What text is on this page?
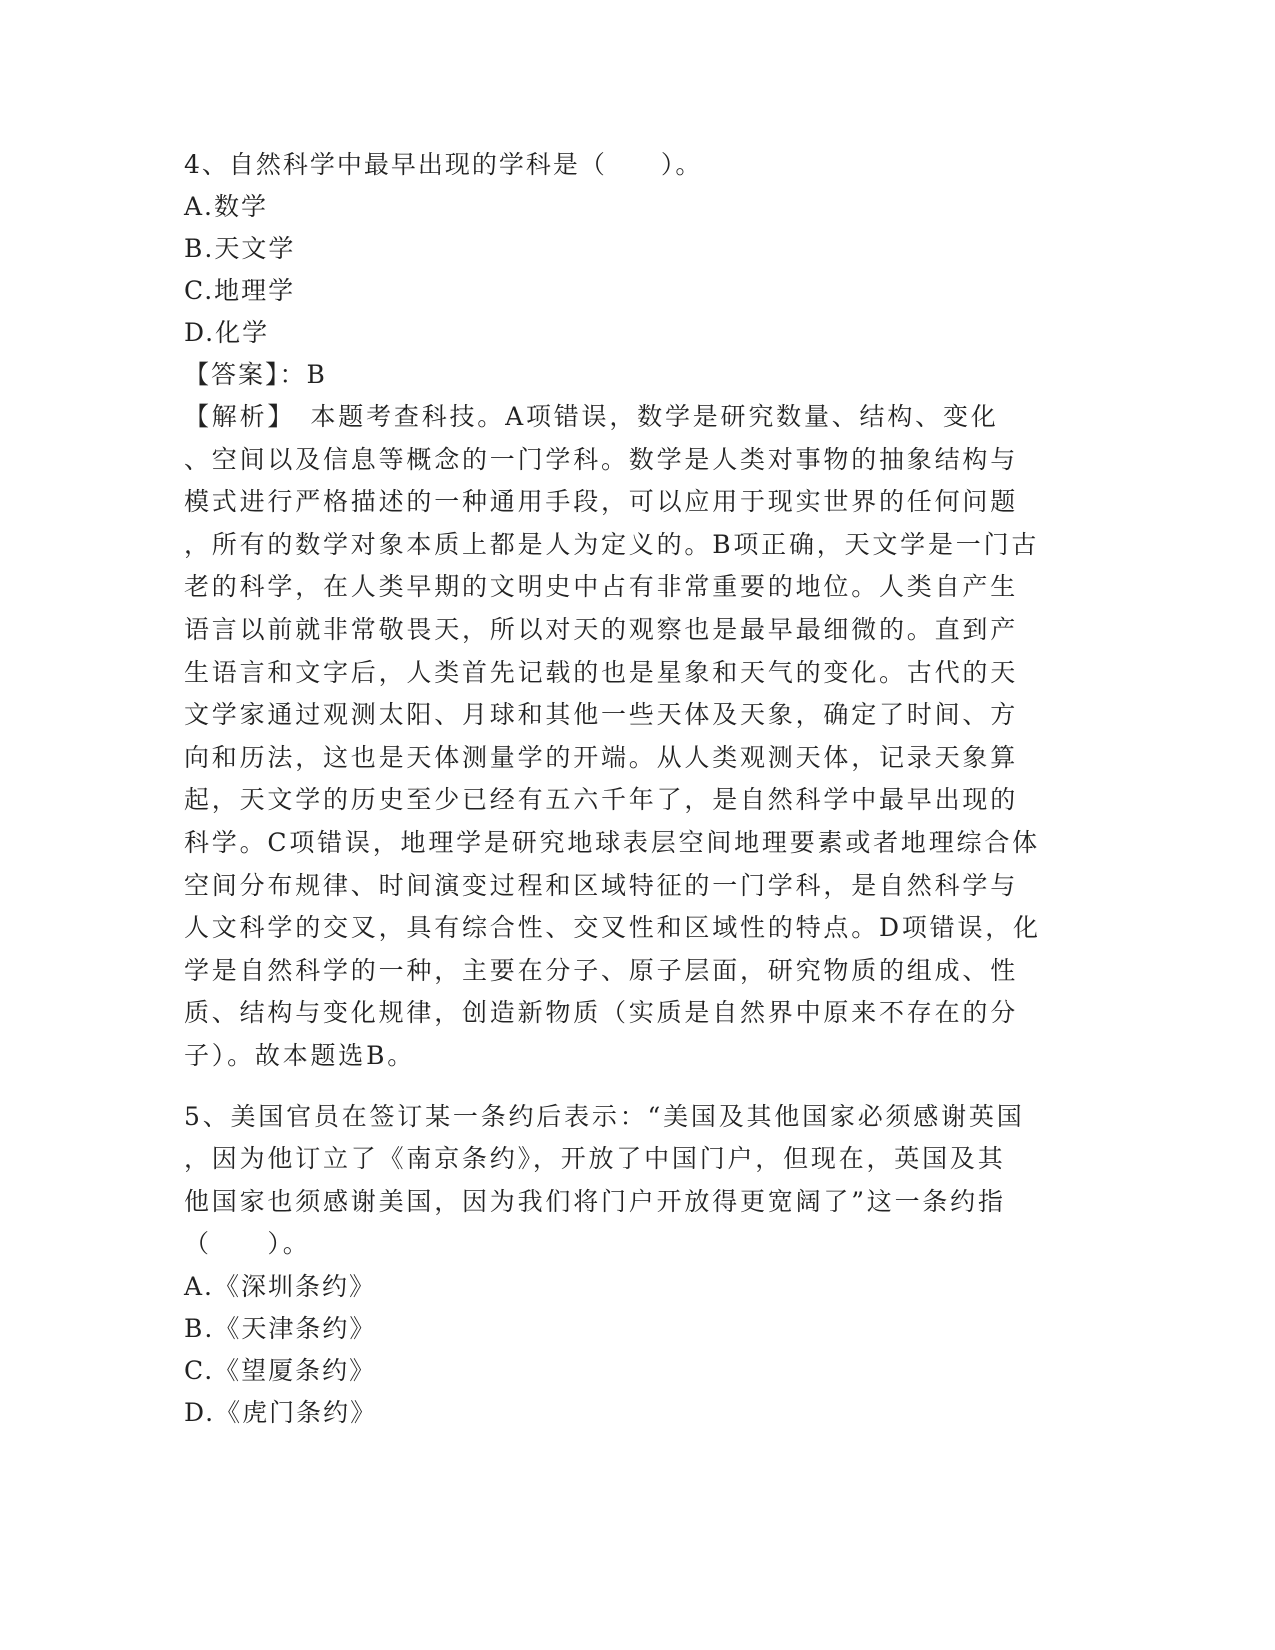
4、自然科学中最早出现的学科是（　　）。
A.数学
B.天文学
C.地理学
D.化学
【答案】：B
【解析】　本题考查科技。A项错误，数学是研究数量、结构、变化
、空间以及信息等概念的一门学科。数学是人类对事物的抽象结构与
模式进行严格描述的一种通用手段，可以应用于现实世界的任何问题
，所有的数学对象本质上都是人为定义的。B项正确，天文学是一门古
老的科学，在人类早期的文明史中占有非常重要的地位。人类自产生
语言以前就非常敬畏天，所以对天的观察也是最早最细微的。直到产
生语言和文字后，人类首先记载的也是星象和天气的变化。古代的天
文学家通过观测太阳、月球和其他一些天体及天象，确定了时间、方
向和历法，这也是天体测量学的开端。从人类观测天体，记录天象算
起，天文学的历史至少已经有五六千年了，是自然科学中最早出现的
科学。C项错误，地理学是研究地球表层空间地理要素或者地理综合体
空间分布规律、时间演变过程和区域特征的一门学科，是自然科学与
人文科学的交叉，具有综合性、交叉性和区域性的特点。D项错误，化
学是自然科学的一种，主要在分子、原子层面，研究物质的组成、性
质、结构与变化规律，创造新物质（实质是自然界中原来不存在的分
子）。故本题选B。
5、美国官员在签订某一条约后表示：“美国及其他国家必须感谢英国
，因为他订立了《南京条约》，开放了中国门户，但现在，英国及其
他国家也须感谢美国，因为我们将门户开放得更宽阔了”这一条约指
（　　）。
A.《深圳条约》
B.《天津条约》
C.《望厦条约》
D.《虎门条约》
